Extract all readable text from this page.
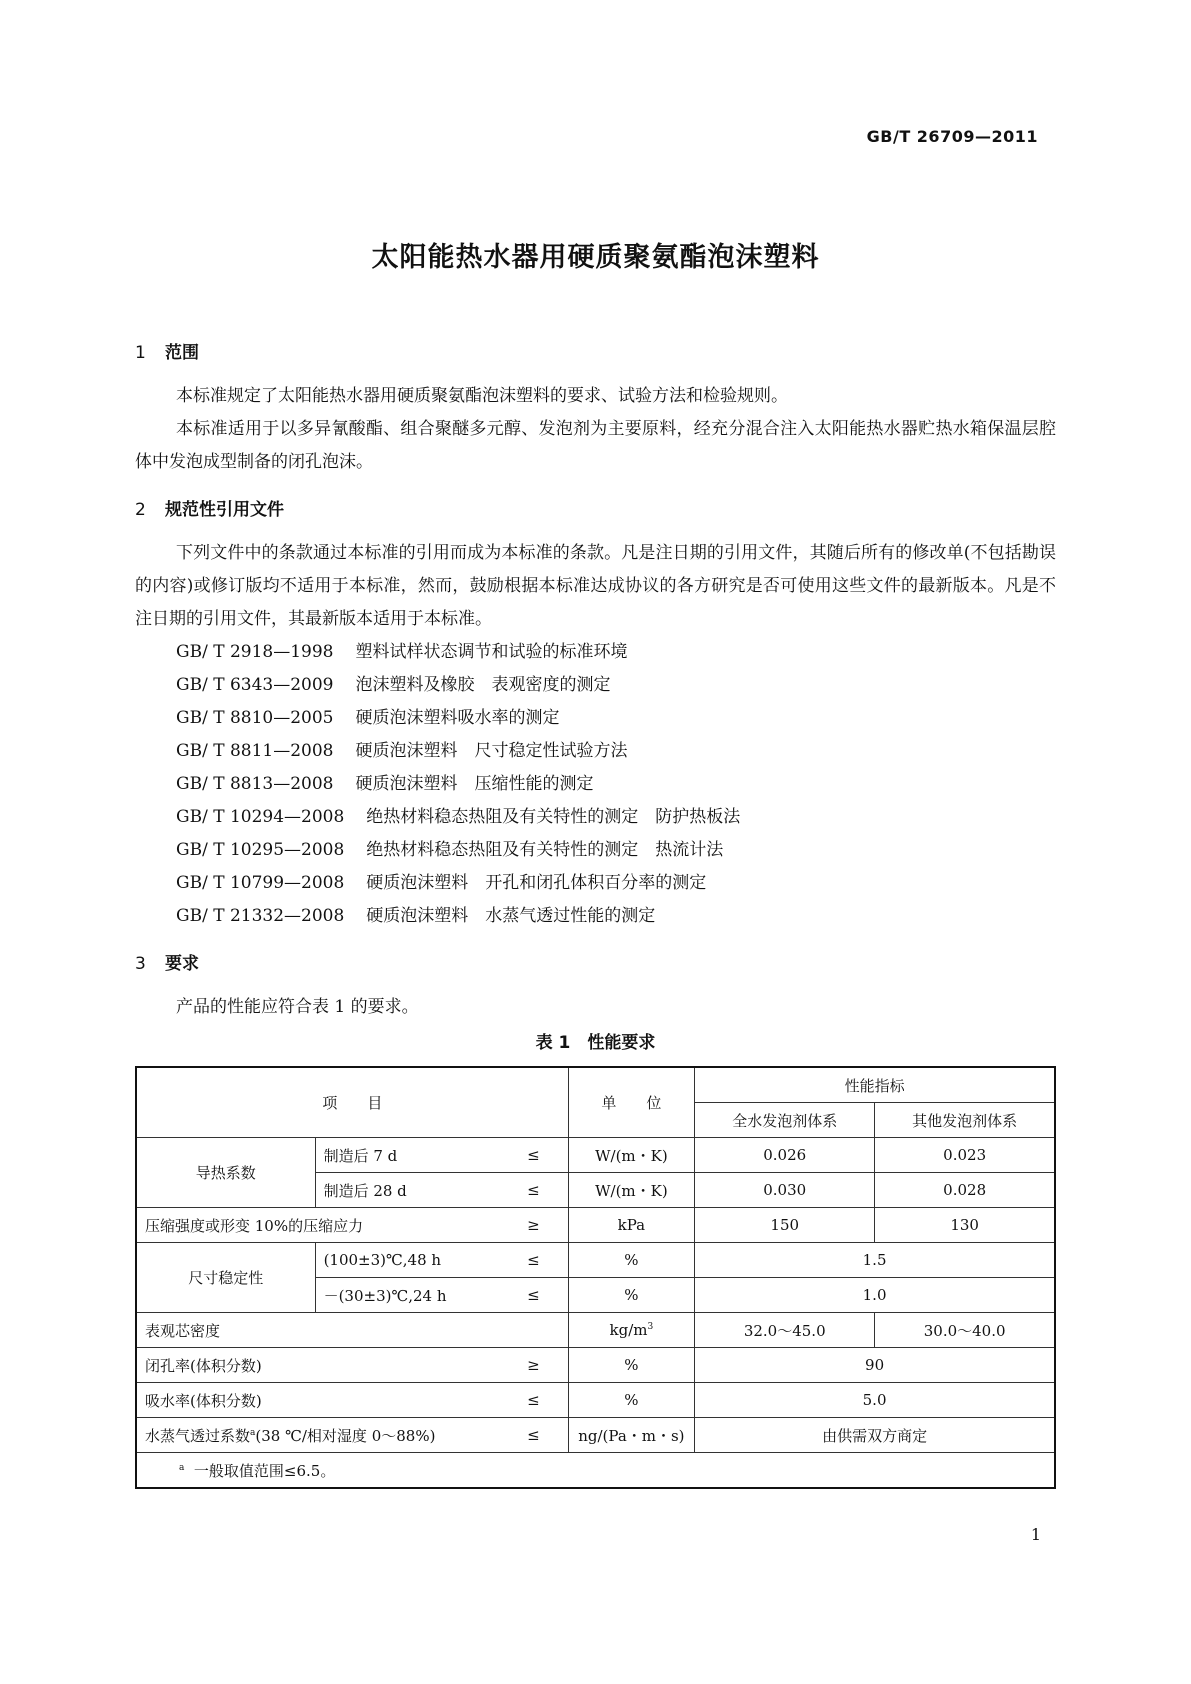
GB/T 26709—2011
太阳能热水器用硬质聚氨酯泡沫塑料
1 范围

本标准规定了太阳能热水器用硬质聚氨酯泡沫塑料的要求、试验方法和检验规则。

本标准适用于以多异氰酸酯、组合聚醚多元醇、发泡剂为主要原料，经充分混合注入太阳能热水器贮热水箱保温层腔体中发泡成型制备的闭孔泡沫。

2 规范性引用文件

下列文件中的条款通过本标准的引用而成为本标准的条款。凡是注日期的引用文件，其随后所有的修改单(不包括勘误的内容)或修订版均不适用于本标准，然而，鼓励根据本标准达成协议的各方研究是否可使用这些文件的最新版本。凡是不注日期的引用文件，其最新版本适用于本标准。

GB/ T 2918—1998 塑料试样状态调节和试验的标准环境
GB/ T 6343—2009 泡沫塑料及橡胶　表观密度的测定
GB/ T 8810—2005 硬质泡沫塑料吸水率的测定
GB/ T 8811—2008 硬质泡沫塑料　尺寸稳定性试验方法
GB/ T 8813—2008 硬质泡沫塑料　压缩性能的测定
GB/ T 10294—2008 绝热材料稳态热阻及有关特性的测定　防护热板法
GB/ T 10295—2008 绝热材料稳态热阻及有关特性的测定　热流计法
GB/ T 10799—2008 硬质泡沫塑料　开孔和闭孔体积百分率的测定
GB/ T 21332—2008 硬质泡沫塑料　水蒸气透过性能的测定
3 要求

产品的性能应符合表 1 的要求。

表 1　性能要求
项　　目			单　　位	性能指标	
				全水发泡剂体系	其他发泡剂体系
导热系数	制造后 7 d	≤	W/(m・K)	0.026	0.023
	制造后 28 d	≤	W/(m・K)	0.030	0.028
压缩强度或形变 10%的压缩应力		≥	kPa	150	130
尺寸稳定性	(100±3)℃,48 h	≤	%	1.5	
	－(30±3)℃,24 h	≤	%	1.0	
表观芯密度			$kg/m^3$	32.0～45.0	30.0～40.0
闭孔率(体积分数)		≥	%	90	
吸水率(体积分数)		≤	%	5.0	
水蒸气透过系数$^a$(38 ℃/相对湿度 0～88%)		≤	ng/(Pa・m・s)	由供需双方商定	
$^a$ 一般取值范围≤6.5。					
1
